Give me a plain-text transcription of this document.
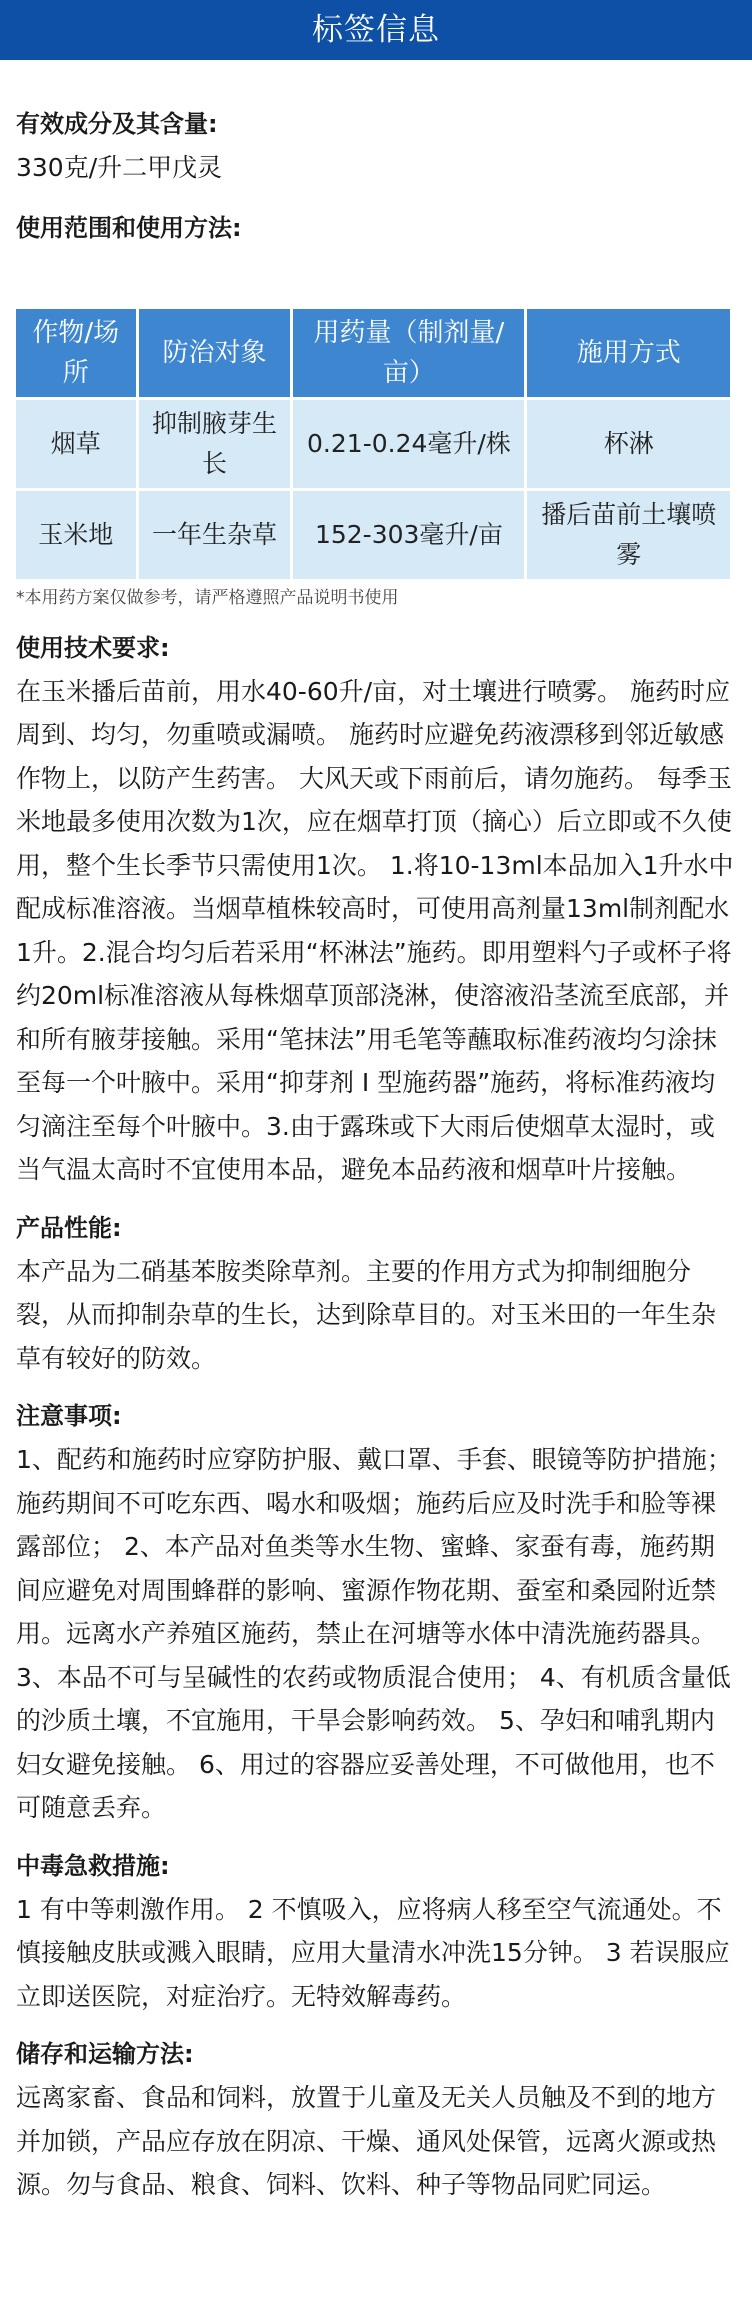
标签信息
有效成分及其含量:

330克/升二甲戊灵

使用范围和使用方法:
作物/场所	防治对象	用药量（制剂量/亩）	施用方式
烟草	抑制腋芽生长	0.21-0.24毫升/株	杯淋
玉米地	一年生杂草	152-303毫升/亩	播后苗前土壤喷雾
*本用药方案仅做参考，请严格遵照产品说明书使用
使用技术要求:

在玉米播后苗前，用水40-60升/亩，对土壤进行喷雾。 施药时应周到、均匀，勿重喷或漏喷。 施药时应避免药液漂移到邻近敏感作物上，以防产生药害。 大风天或下雨前后，请勿施药。 每季玉米地最多使用次数为1次，应在烟草打顶（摘心）后立即或不久使用，整个生长季节只需使用1次。 1.将10-13ml本品加入1升水中配成标准溶液。当烟草植株较高时，可使用高剂量13ml制剂配水1升。2.混合均匀后若采用“杯淋法”施药。即用塑料勺子或杯子将约20ml标准溶液从每株烟草顶部浇淋，使溶液沿茎流至底部，并和所有腋芽接触。采用“笔抹法”用毛笔等蘸取标准药液均匀涂抹至每一个叶腋中。采用“抑芽剂 I 型施药器”施药，将标准药液均匀滴注至每个叶腋中。3.由于露珠或下大雨后使烟草太湿时，或当气温太高时不宜使用本品，避免本品药液和烟草叶片接触。

产品性能:

本产品为二硝基苯胺类除草剂。主要的作用方式为抑制细胞分裂，从而抑制杂草的生长，达到除草目的。对玉米田的一年生杂草有较好的防效。

注意事项:

1、配药和施药时应穿防护服、戴口罩、手套、眼镜等防护措施；施药期间不可吃东西、喝水和吸烟；施药后应及时洗手和脸等裸露部位； 2、本产品对鱼类等水生物、蜜蜂、家蚕有毒，施药期间应避免对周围蜂群的影响、蜜源作物花期、蚕室和桑园附近禁用。远离水产养殖区施药，禁止在河塘等水体中清洗施药器具。 3、本品不可与呈碱性的农药或物质混合使用； 4、有机质含量低的沙质土壤，不宜施用，干旱会影响药效。 5、孕妇和哺乳期内妇女避免接触。 6、用过的容器应妥善处理，不可做他用，也不可随意丢弃。

中毒急救措施:

1 有中等刺激作用。 2 不慎吸入，应将病人移至空气流通处。不慎接触皮肤或溅入眼睛，应用大量清水冲洗15分钟。 3 若误服应立即送医院，对症治疗。无特效解毒药。

储存和运输方法:

远离家畜、食品和饲料，放置于儿童及无关人员触及不到的地方并加锁，产品应存放在阴凉、干燥、通风处保管，远离火源或热源。勿与食品、粮食、饲料、饮料、种子等物品同贮同运。
